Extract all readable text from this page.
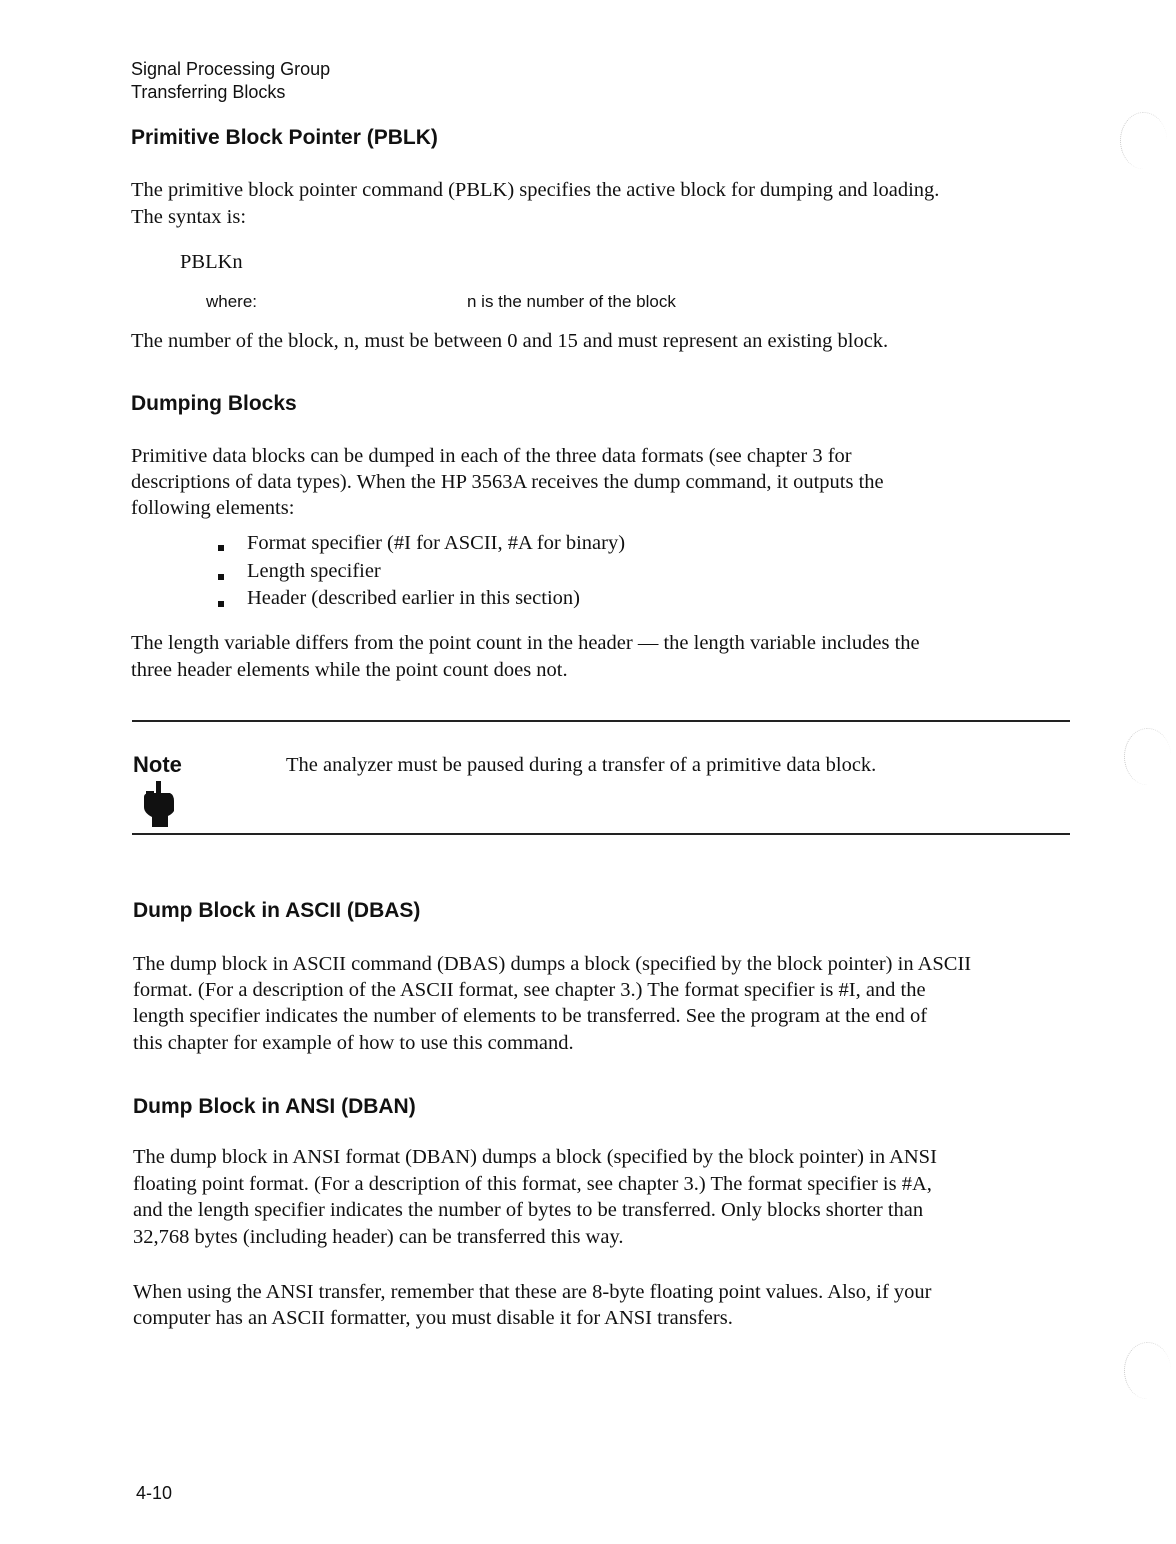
Signal Processing Group
Transferring Blocks
Primitive Block Pointer (PBLK)
The primitive block pointer command (PBLK) specifies the active block for dumping and loading.
The syntax is:
PBLKn
where:	n is the number of the block
The number of the block, n, must be between 0 and 15 and must represent an existing block.
Dumping Blocks
Primitive data blocks can be dumped in each of the three data formats (see chapter 3 for
descriptions of data types). When the HP 3563A receives the dump command, it outputs the
following elements:
Format specifier (#I for ASCII, #A for binary)
Length specifier
Header (described earlier in this section)
The length variable differs from the point count in the header — the length variable includes the
three header elements while the point count does not.
Note	The analyzer must be paused during a transfer of a primitive data block.
Dump Block in ASCII (DBAS)
The dump block in ASCII command (DBAS) dumps a block (specified by the block pointer) in ASCII
format. (For a description of the ASCII format, see chapter 3.) The format specifier is #I, and the
length specifier indicates the number of elements to be transferred. See the program at the end of
this chapter for example of how to use this command.
Dump Block in ANSI (DBAN)
The dump block in ANSI format (DBAN) dumps a block (specified by the block pointer) in ANSI
floating point format. (For a description of this format, see chapter 3.) The format specifier is #A,
and the length specifier indicates the number of bytes to be transferred. Only blocks shorter than
32,768 bytes (including header) can be transferred this way.
When using the ANSI transfer, remember that these are 8-byte floating point values. Also, if your
computer has an ASCII formatter, you must disable it for ANSI transfers.
4-10
